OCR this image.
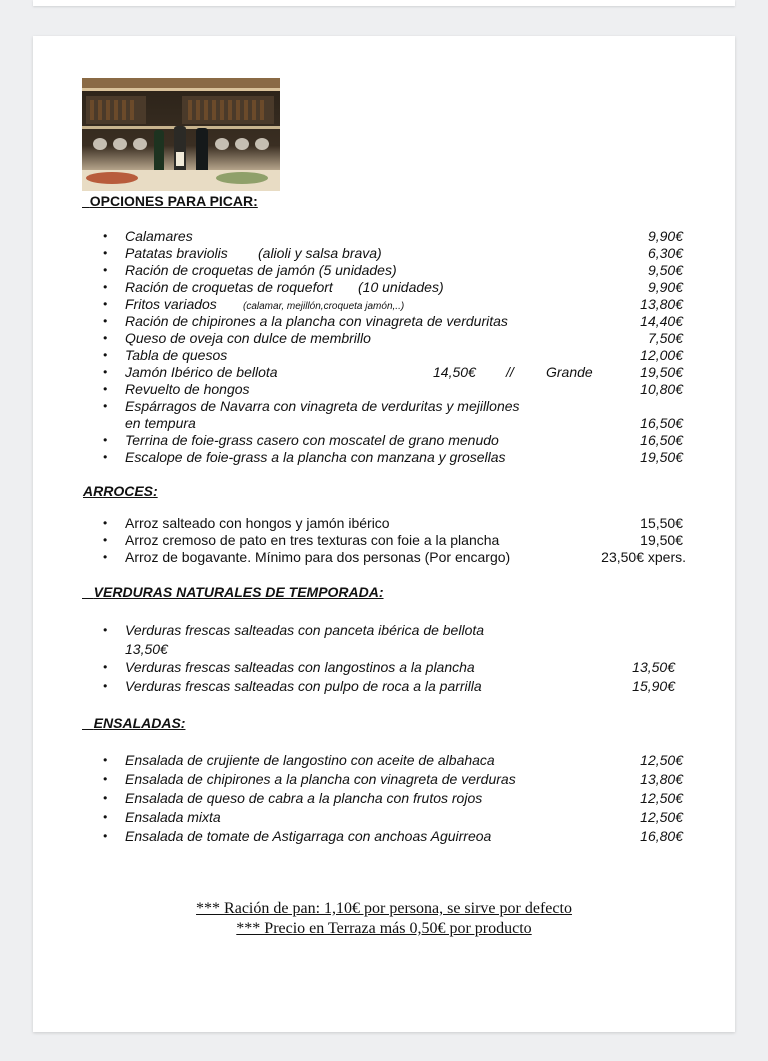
OPCIONES PARA PICAR:
• Calamares	9,90€
• Patatas braviolis (alioli y salsa brava)	6,30€
• Ración de croquetas de jamón (5 unidades)	9,50€
• Ración de croquetas de roquefort (10 unidades)	9,90€
• Fritos variados	(calamar, mejillón,croqueta jamón,..)	13,80€
• Ración de chipirones a la plancha con vinagreta de verduritas	14,40€
• Queso de oveja con dulce de membrillo	7,50€
• Tabla de quesos	12,00€
• Jamón Ibérico de bellota	14,50€ // Grande	19,50€
• Revuelto de hongos	10,80€
• Espárragos de Navarra con vinagreta de verduritas y mejillones
en tempura	16,50€
• Terrina de foie-grass casero con moscatel de grano menudo	16,50€
• Escalope de foie-grass a la plancha con manzana y grosellas	19,50€
ARROCES:
• Arroz salteado con hongos y jamón ibérico	15,50€
• Arroz cremoso de pato en tres texturas con foie a la plancha	19,50€
• Arroz de bogavante. Mínimo para dos personas (Por encargo)	23,50€ xpers.
VERDURAS NATURALES DE TEMPORADA:
• Verduras frescas salteadas con panceta ibérica de bellota
13,50€
• Verduras frescas salteadas con langostinos a la plancha	13,50€
• Verduras frescas salteadas con pulpo de roca a la parrilla	15,90€
ENSALADAS:
• Ensalada de crujiente de langostino con aceite de albahaca	12,50€
• Ensalada de chipirones a la plancha con vinagreta de verduras	13,80€
• Ensalada de queso de cabra a la plancha con frutos rojos	12,50€
• Ensalada mixta	12,50€
• Ensalada de tomate de Astigarraga con anchoas Aguirreoa	16,80€
*** Ración de pan: 1,10€ por persona, se sirve por defecto
*** Precio en Terraza más 0,50€ por producto
